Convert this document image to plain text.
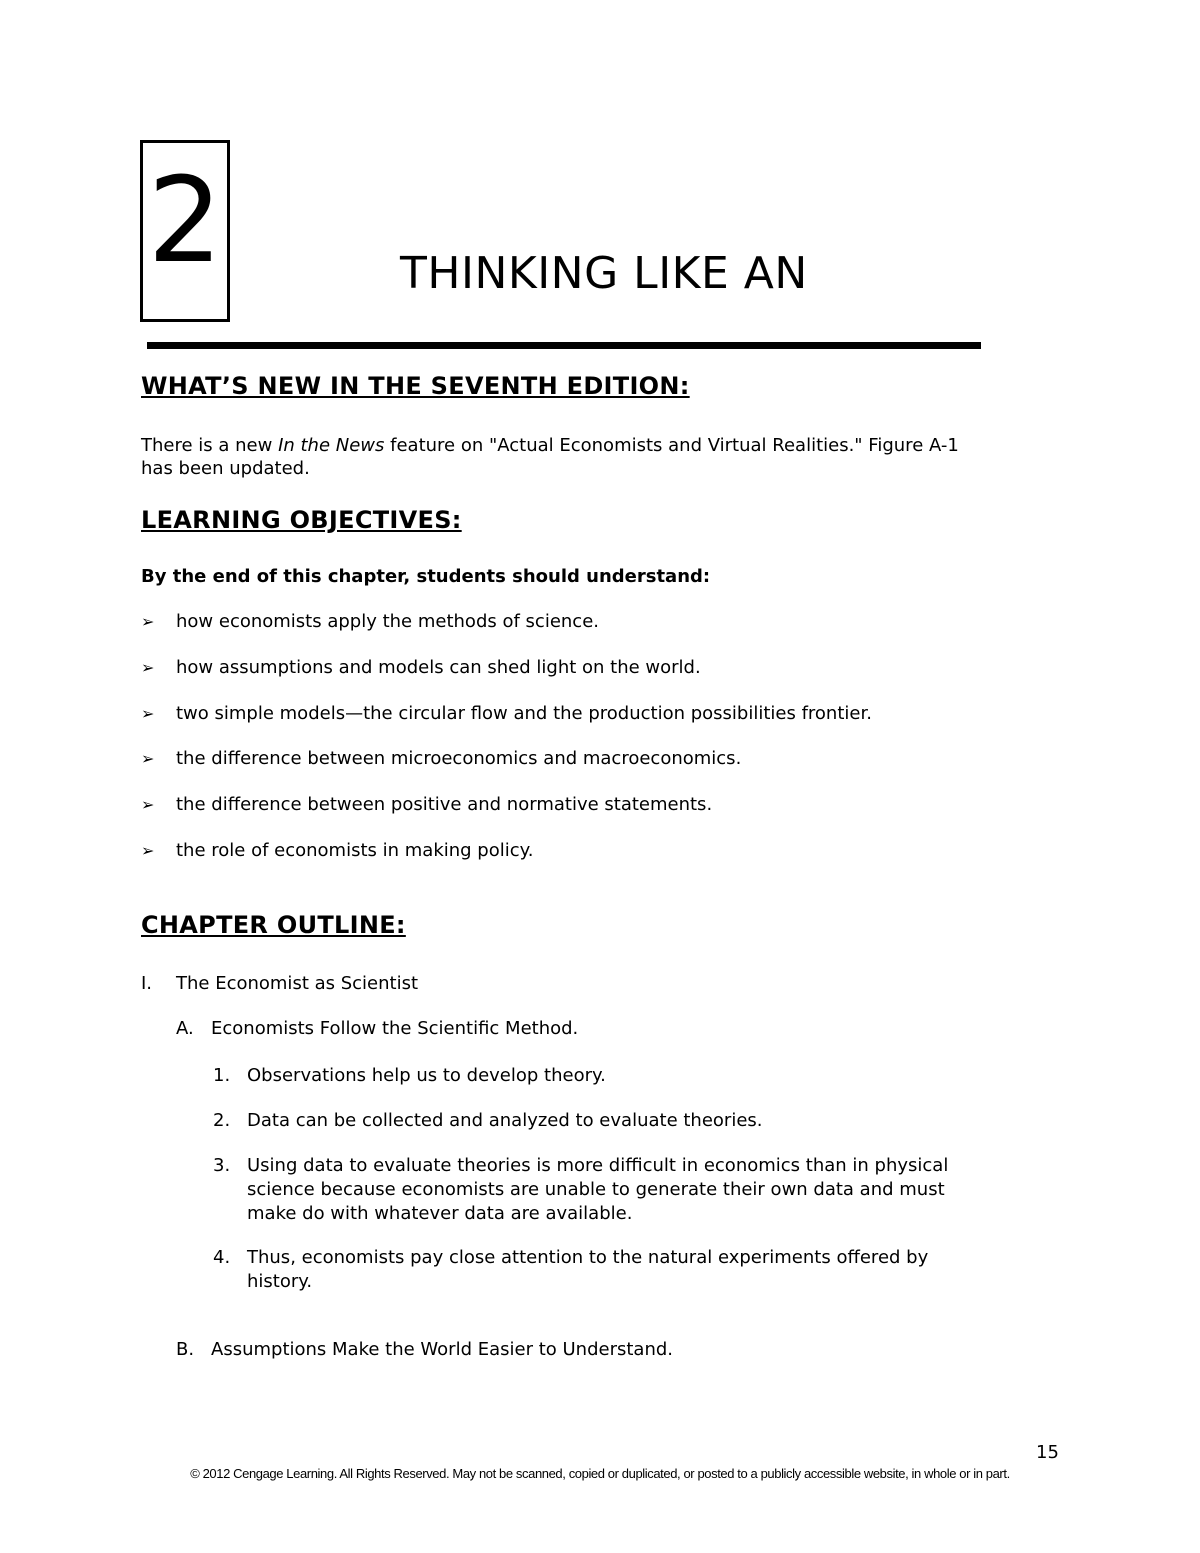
2	THINKING LIKE AN
WHAT’S NEW IN THE SEVENTH EDITION:
There is a new In the News feature on "Actual Economists and Virtual Realities." Figure A-1
has been updated.
LEARNING OBJECTIVES:
By the end of this chapter, students should understand:
➢ how economists apply the methods of science.
➢ how assumptions and models can shed light on the world.
➢ two simple models—the circular flow and the production possibilities frontier.
➢ the difference between microeconomics and macroeconomics.
➢ the difference between positive and normative statements.
➢ the role of economists in making policy.
CHAPTER OUTLINE:
I. The Economist as Scientist
A. Economists Follow the Scientific Method.
1. Observations help us to develop theory.
2. Data can be collected and analyzed to evaluate theories.
3. Using data to evaluate theories is more difficult in economics than in physical
science because economists are unable to generate their own data and must
make do with whatever data are available.
4. Thus, economists pay close attention to the natural experiments offered by
history.
B. Assumptions Make the World Easier to Understand.
15
© 2012 Cengage Learning. All Rights Reserved. May not be scanned, copied or duplicated, or posted to a publicly accessible website, in whole or in part.
